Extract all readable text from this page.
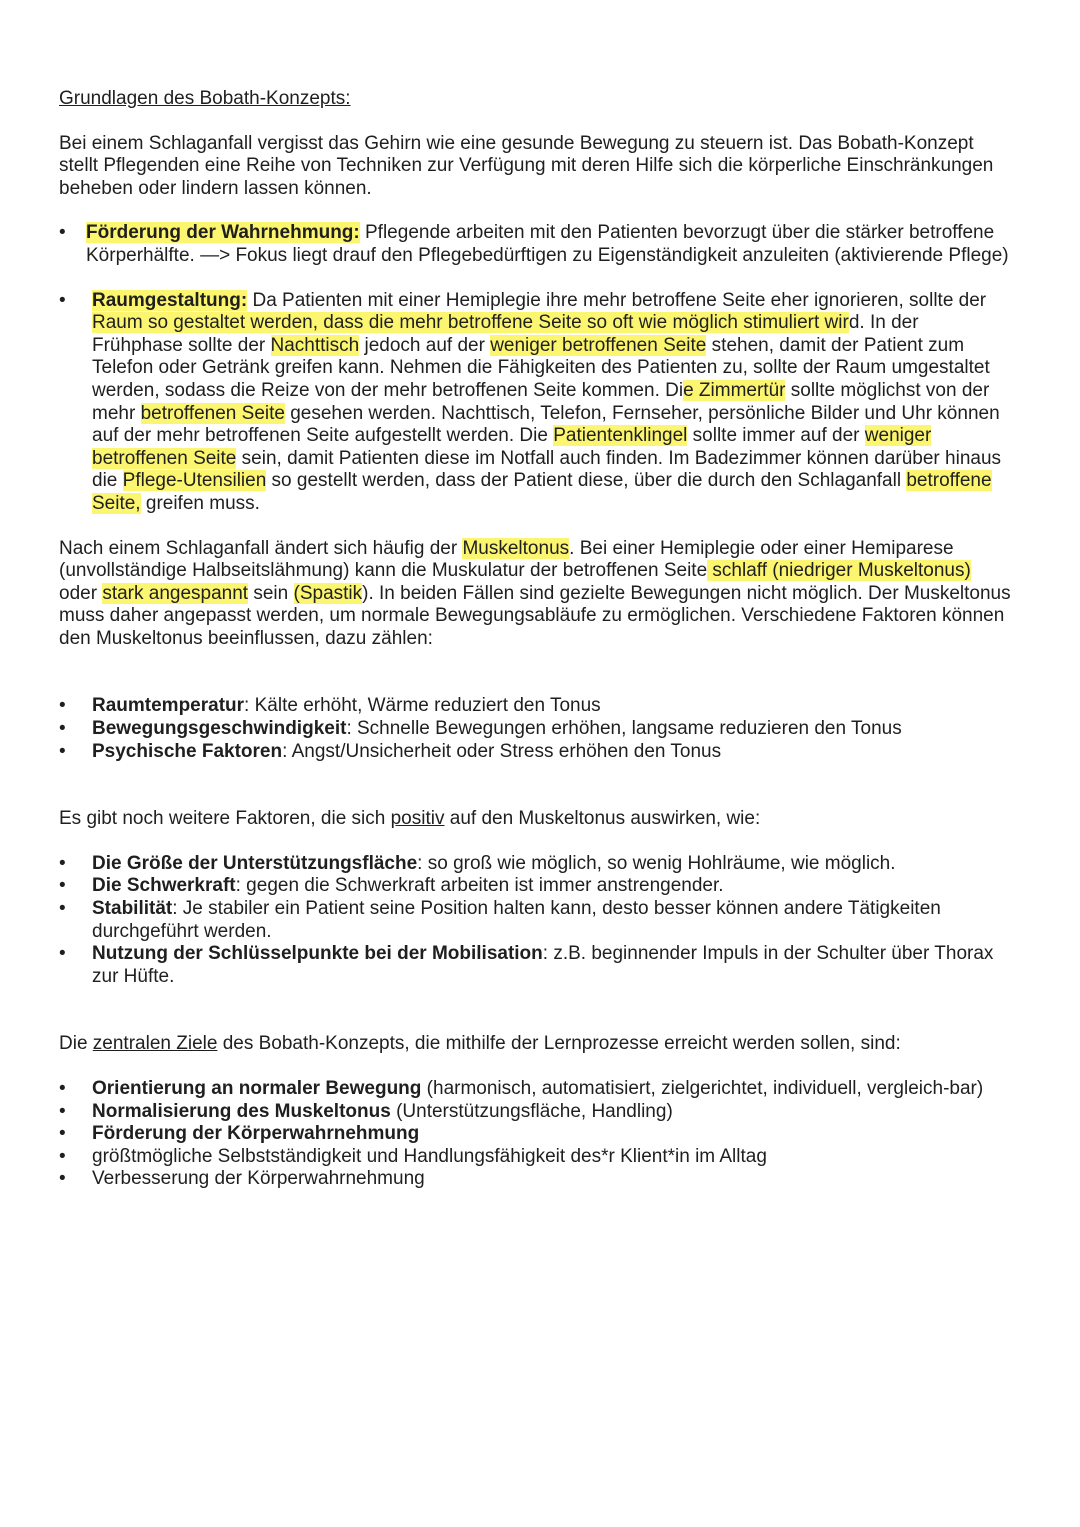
Grundlagen des Bobath-Konzepts:

Bei einem Schlaganfall vergisst das Gehirn wie eine gesunde Bewegung zu steuern ist. Das Bobath-Konzept stellt Pflegenden eine Reihe von Techniken zur Verfügung mit deren Hilfe sich die körperliche Einschränkungen beheben oder lindern lassen können.

• Förderung der Wahrnehmung: Pflegende arbeiten mit den Patienten bevorzugt über die stärker betroffene Körperhälfte. —> Fokus liegt drauf den Pflegebedürftigen zu Eigenständigkeit anzuleiten (aktivierende Pflege)
• Raumgestaltung: Da Patienten mit einer Hemiplegie ihre mehr betroffene Seite eher ignorieren, sollte der Raum so gestaltet werden, dass die mehr betroffene Seite so oft wie möglich stimuliert wird. In der Frühphase sollte der Nachttisch jedoch auf der weniger betroffenen Seite stehen, damit der Patient zum Telefon oder Getränk greifen kann. Nehmen die Fähigkeiten des Patienten zu, sollte der Raum umgestaltet werden, sodass die Reize von der mehr betroffenen Seite kommen. Die Zimmertür sollte möglichst von der mehr betroffenen Seite gesehen werden. Nachttisch, Telefon, Fernseher, persönliche Bilder und Uhr können auf der mehr betroffenen Seite aufgestellt werden. Die Patientenklingel sollte immer auf der weniger betroffenen Seite sein, damit Patienten diese im Notfall auch finden. Im Badezimmer können darüber hinaus die Pflege-Utensilien so gestellt werden, dass der Patient diese, über die durch den Schlaganfall betroffene Seite, greifen muss.

Nach einem Schlaganfall ändert sich häufig der Muskeltonus. Bei einer Hemiplegie oder einer Hemiparese (unvollständige Halbseitslähmung) kann die Muskulatur der betroffenen Seite schlaff (niedriger Muskeltonus) oder stark angespannt sein (Spastik). In beiden Fällen sind gezielte Bewegungen nicht möglich. Der Muskeltonus muss daher angepasst werden, um normale Bewegungsabläufe zu ermöglichen. Verschiedene Faktoren können den Muskeltonus beeinflussen, dazu zählen:

• Raumtemperatur: Kälte erhöht, Wärme reduziert den Tonus
• Bewegungsgeschwindigkeit: Schnelle Bewegungen erhöhen, langsame reduzieren den Tonus
• Psychische Faktoren: Angst/Unsicherheit oder Stress erhöhen den Tonus

Es gibt noch weitere Faktoren, die sich positiv auf den Muskeltonus auswirken, wie:

• Die Größe der Unterstützungsfläche: so groß wie möglich, so wenig Hohlräume, wie möglich.
• Die Schwerkraft: gegen die Schwerkraft arbeiten ist immer anstrengender.
• Stabilität: Je stabiler ein Patient seine Position halten kann, desto besser können andere Tätigkeiten durchgeführt werden.
• Nutzung der Schlüsselpunkte bei der Mobilisation: z.B. beginnender Impuls in der Schulter über Thorax zur Hüfte.

Die zentralen Ziele des Bobath-Konzepts, die mithilfe der Lernprozesse erreicht werden sollen, sind:

• Orientierung an normaler Bewegung (harmonisch, automatisiert, zielgerichtet, individuell, vergleich-bar)
• Normalisierung des Muskeltonus (Unterstützungsfläche, Handling)
• Förderung der Körperwahrnehmung
• größtmögliche Selbstständigkeit und Handlungsfähigkeit des*r Klient*in im Alltag
• Verbesserung der Körperwahrnehmung
